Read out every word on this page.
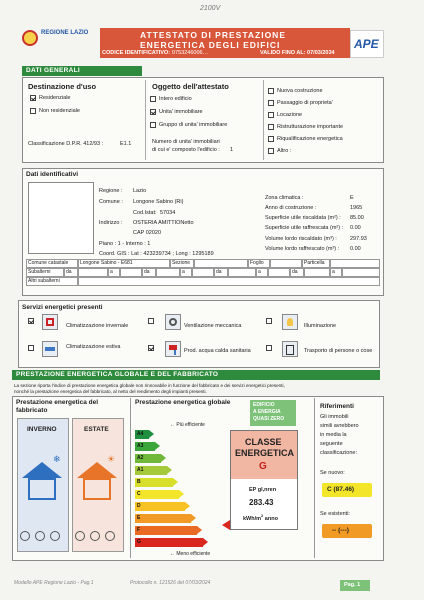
2100V
REGIONE LAZIO	ATTESTATO DI PRESTAZIONE
ENERGETICA DEGLI EDIFICI
CODICE IDENTIFICATIVO: 0753246006…	VALIDO FINO AL: 07/03/2034
APE
DATI GENERALI
Destinazione d'uso
Residenziale
Non residenziale
Classificazione D.P.R. 412/93 :	E1.1
Oggetto dell'attestato
Intero edificio
Unita' immobiliare
Gruppo di unita' immobiliare
Numero di unita' immobiliari
di cui e' composto l'edificio : 1
Nuova costruzione
Passaggio di proprieta'
Locazione
Ristrutturazione importante
Riqualificazione energetica
Altro :
Dati identificativi
Regione : Lazio
Comune : Longone Sabino (Ri)
Cod.Istat: 57034
Indirizzo : OSTERIA AMITTIONetto
CAP 02020
Piano : 1 - Interno : 1
Coord. GIS : Lat : 423239734 ; Long : 1295189
Zona climatica :	E
Anno di costruzione :	1965
Superficie utile riscaldata (m²) : 85.00
Superficie utile raffrescata (m²) : 0.00
Volume lordo riscaldato (m³) : 297.93
Volume lordo raffrescato (m³) : 0.00
Comune catastale	Longone Sabino - E681	Sezione	Foglio	Particella
Subalterni	da	a	da	a	da	a	da	a
Altri subalterni
Servizi energetici presenti
Climatizzazione invernale	Ventilazione meccanica	Illuminazione
Climatizzazione estiva
Prod. acqua calda sanitaria	Trasporto di persone o cose
PRESTAZIONE ENERGETICA GLOBALE E DEL FABBRICATO
La sezione riporta l'indice di prestazione energetica globale non rinnovabile in funzione del fabbricato e dei servizi energetici presenti,
nonché la prestazione energetica del fabbricato, al netto del rendimento degli impianti presenti.
Prestazione energetica del
fabbricato
INVERNO
❄
ESTATE
☀
Prestazione energetica globale	EDIFICIO
A ENERGIA
QUASI ZERO
← Più efficiente
A4
A3
A2
A1
B
C
D
E
F
G
← Meno efficiente
CLASSE
ENERGETICA
G
EP gl,nren
283.43
kWh/$m^2$ anno
Riferimenti
Gli immobili
simili avrebbero
in media la
seguente
classificazione:
Se nuovo:
C (87.46)
Se esistenti:
-- (---)
Modello APE Regione Lazio - Pag.1	Protocollo n. 121526 del 07/03/2024	Pag. 1
